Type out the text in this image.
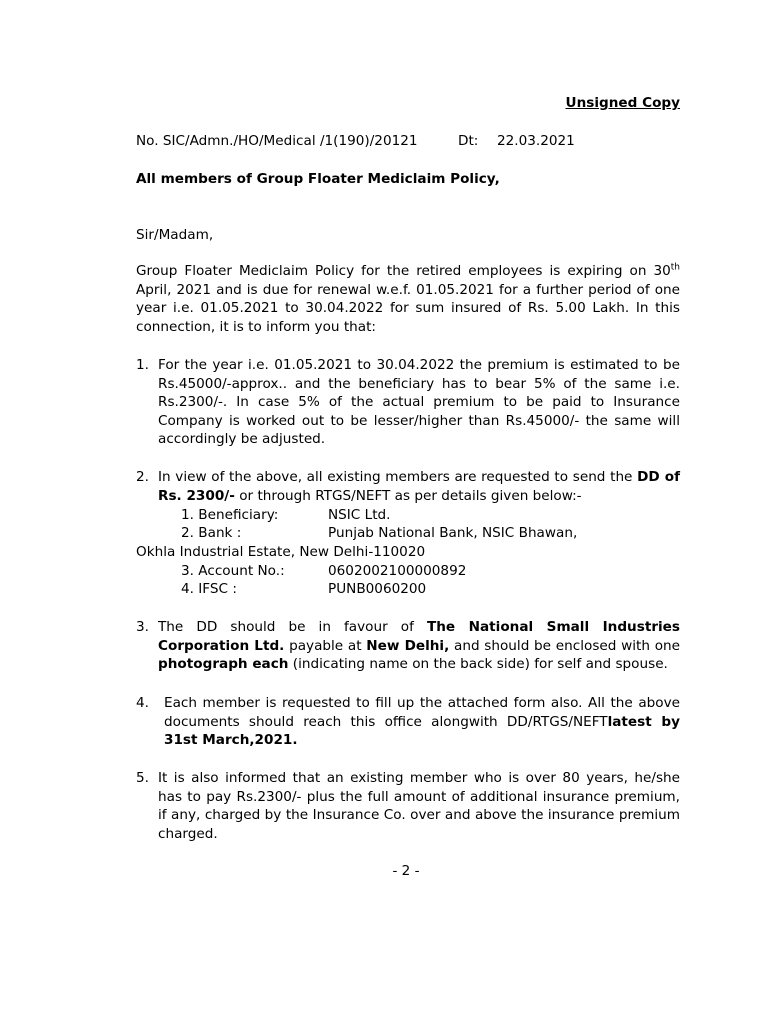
Unsigned Copy
No. SIC/Admn./HO/Medical /1(190)/20121	Dt: 22.03.2021
All members of Group Floater Mediclaim Policy,
Sir/Madam,
Group Floater Mediclaim Policy for the retired employees is expiring on 30th April, 2021 and is due for renewal w.e.f. 01.05.2021 for a further period of one year i.e. 01.05.2021 to 30.04.2022 for sum insured of Rs. 5.00 Lakh. In this connection, it is to inform you that:
1. For the year i.e. 01.05.2021 to 30.04.2022 the premium is estimated to be Rs.45000/-approx.. and the beneficiary has to bear 5% of the same i.e. Rs.2300/-. In case 5% of the actual premium to be paid to Insurance Company is worked out to be lesser/higher than Rs.45000/- the same will accordingly be adjusted.
2. In view of the above, all existing members are requested to send the DD of Rs. 2300/- or through RTGS/NEFT as per details given below:-
1. Beneficiary:	NSIC Ltd.
2. Bank :	Punjab National Bank, NSIC Bhawan,
Okhla Industrial Estate, New Delhi-110020
3. Account No.:	0602002100000892
4. IFSC :	PUNB0060200
3. The DD should be in favour of The National Small Industries Corporation Ltd. payable at New Delhi, and should be enclosed with one photograph each (indicating name on the back side) for self and spouse.
4. Each member is requested to fill up the attached form also. All the above documents should reach this office alongwith DD/RTGS/NEFTlatest by 31st March,2021.
5. It is also informed that an existing member who is over 80 years, he/she has to pay Rs.2300/- plus the full amount of additional insurance premium, if any, charged by the Insurance Co. over and above the insurance premium charged.
- 2 -
